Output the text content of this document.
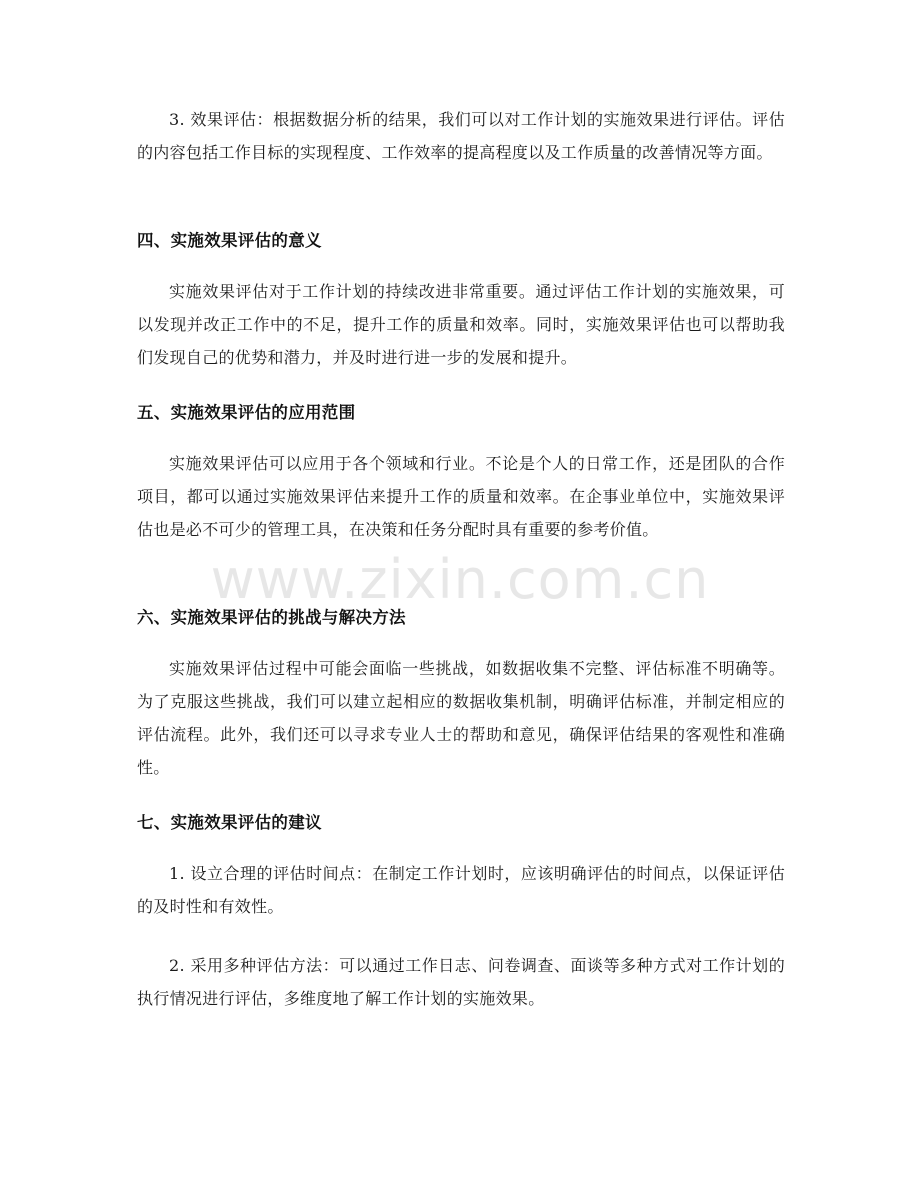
3. 效果评估：根据数据分析的结果，我们可以对工作计划的实施效果进行评估。评估的内容包括工作目标的实现程度、工作效率的提高程度以及工作质量的改善情况等方面。

四、实施效果评估的意义

实施效果评估对于工作计划的持续改进非常重要。通过评估工作计划的实施效果，可以发现并改正工作中的不足，提升工作的质量和效率。同时，实施效果评估也可以帮助我们发现自己的优势和潜力，并及时进行进一步的发展和提升。

五、实施效果评估的应用范围

实施效果评估可以应用于各个领域和行业。不论是个人的日常工作，还是团队的合作项目，都可以通过实施效果评估来提升工作的质量和效率。在企事业单位中，实施效果评估也是必不可少的管理工具，在决策和任务分配时具有重要的参考价值。

六、实施效果评估的挑战与解决方法

实施效果评估过程中可能会面临一些挑战，如数据收集不完整、评估标准不明确等。为了克服这些挑战，我们可以建立起相应的数据收集机制，明确评估标准，并制定相应的评估流程。此外，我们还可以寻求专业人士的帮助和意见，确保评估结果的客观性和准确性。

七、实施效果评估的建议

1. 设立合理的评估时间点：在制定工作计划时，应该明确评估的时间点，以保证评估的及时性和有效性。

2. 采用多种评估方法：可以通过工作日志、问卷调查、面谈等多种方式对工作计划的执行情况进行评估，多维度地了解工作计划的实施效果。

www.zixin.com.cn
